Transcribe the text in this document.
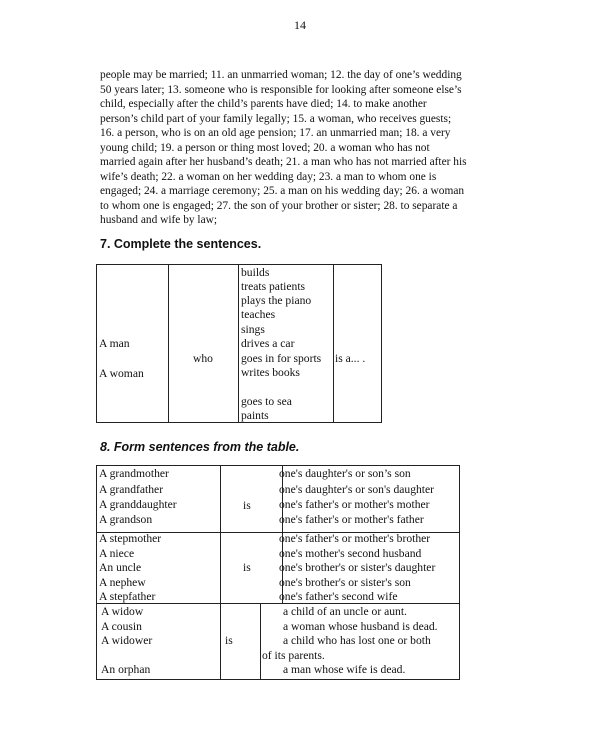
14
people may be married; 11. an unmarried woman; 12. the day of one’s wedding
50 years later; 13. someone who is responsible for looking after someone else’s
child, especially after the child’s parents have died; 14. to make another
person’s child part of your family legally; 15. a woman, who receives guests;
16. a person, who is on an old age pension; 17. an unmarried man; 18. a very
young child; 19. a person or thing most loved; 20. a woman who has not
married again after her husband’s death; 21. a man who has not married after his
wife’s death; 22. a woman on her wedding day; 23. a man to whom one is
engaged; 24. a marriage ceremony; 25. a man on his wedding day; 26. a woman
to whom one is engaged; 27. the son of your brother or sister; 28. to separate a
husband and wife by law;
7. Complete the sentences.
A man
A woman
who
builds
treats patients
plays the piano
teaches
sings
drives a car
goes in for sports
writes books
goes to sea
paints
is a... .
8. Form sentences from the table.
A grandmother
A grandfather
A granddaughter
A grandson
is
one's daughter's or son’s son
one's daughter's or son's daughter
one's father's or mother's mother
one's father's or mother's father
A stepmother
A niece
An uncle
A nephew
A stepfather
is
one's father's or mother's brother
one's mother's second husband
one's brother's or sister's daughter
one's brother's or sister's son
one's father's second wife
A widow
A cousin
A widower
An orphan
is
a child of an uncle or aunt.
a woman whose husband is dead.
a child who has lost one or both
of its parents.
a man whose wife is dead.
